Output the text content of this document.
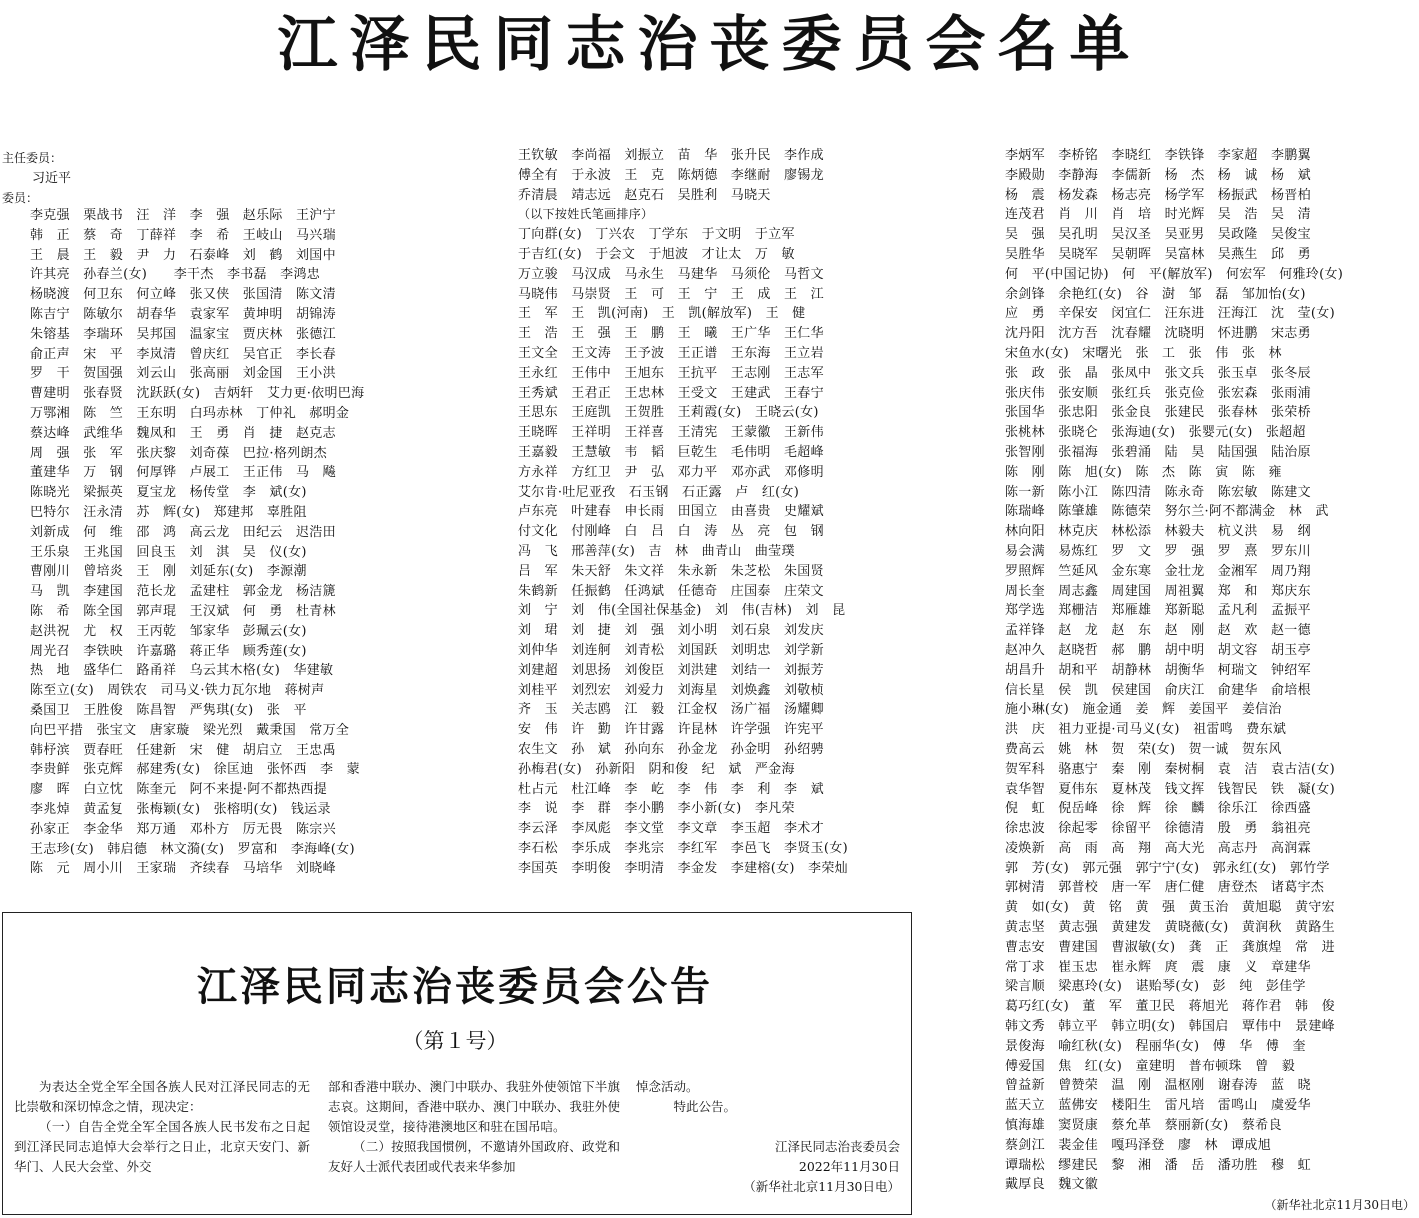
江泽民同志治丧委员会名单
主任委员：
习近平
委员：
李克强　栗战书　汪　洋　李　强　赵乐际　王沪宁
韩　正　蔡　奇　丁薛祥　李　希　王岐山　马兴瑞
王　晨　王　毅　尹　力　石泰峰　刘　鹤　刘国中
许其亮　孙春兰(女)　　李干杰　李书磊　李鸿忠
杨晓渡　何卫东　何立峰　张又侠　张国清　陈文清
陈吉宁　陈敏尔　胡春华　袁家军　黄坤明　胡锦涛
朱镕基　李瑞环　吴邦国　温家宝　贾庆林　张德江
俞正声　宋　平　李岚清　曾庆红　吴官正　李长春
罗　干　贺国强　刘云山　张高丽　刘金国　王小洪
曹建明　张春贤　沈跃跃(女)　吉炳轩　艾力更·依明巴海
万鄂湘　陈　竺　王东明　白玛赤林　丁仲礼　郝明金
蔡达峰　武维华　魏凤和　王　勇　肖　捷　赵克志
周　强　张　军　张庆黎　刘奇葆　巴拉·格列朗杰
董建华　万　钢　何厚铧　卢展工　王正伟　马　飚
陈晓光　梁振英　夏宝龙　杨传堂　李　斌(女)
巴特尔　汪永清　苏　辉(女)　郑建邦　辜胜阻
刘新成　何　维　邵　鸿　高云龙　田纪云　迟浩田
王乐泉　王兆国　回良玉　刘　淇　吴　仪(女)
曹刚川　曾培炎　王　刚　刘延东(女)　李源潮
马　凯　李建国　范长龙　孟建柱　郭金龙　杨洁篪
陈　希　陈全国　郭声琨　王汉斌　何　勇　杜青林
赵洪祝　尤　权　王丙乾　邹家华　彭珮云(女)
周光召　李铁映　许嘉璐　蒋正华　顾秀莲(女)
热　地　盛华仁　路甬祥　乌云其木格(女)　华建敏
陈至立(女)　周铁农　司马义·铁力瓦尔地　蒋树声
桑国卫　王胜俊　陈昌智　严隽琪(女)　张　平
向巴平措　张宝文　唐家璇　梁光烈　戴秉国　常万全
韩杼滨　贾春旺　任建新　宋　健　胡启立　王忠禹
李贵鲜　张克辉　郝建秀(女)　徐匡迪　张怀西　李　蒙
廖　晖　白立忱　陈奎元　阿不来提·阿不都热西提
李兆焯　黄孟复　张梅颖(女)　张榕明(女)　钱运录
孙家正　李金华　郑万通　邓朴方　厉无畏　陈宗兴
王志珍(女)　韩启德　林文漪(女)　罗富和　李海峰(女)
陈　元　周小川　王家瑞　齐续春　马培华　刘晓峰
王钦敏　李尚福　刘振立　苗　华　张升民　李作成
傅全有　于永波　王　克　陈炳德　李继耐　廖锡龙
乔清晨　靖志远　赵克石　吴胜利　马晓天
（以下按姓氏笔画排序）
丁向群(女)　丁兴农　丁学东　于文明　于立军
于吉红(女)　于会文　于旭波　才让太　万　敏
万立骏　马汉成　马永生　马建华　马须伦　马哲文
马晓伟　马崇贤　王　可　王　宁　王　成　王　江
王　军　王　凯(河南)　王　凯(解放军)　王　健
王　浩　王　强　王　鹏　王　曦　王广华　王仁华
王文全　王文涛　王予波　王正谱　王东海　王立岩
王永红　王伟中　王旭东　王抗平　王志刚　王志军
王秀斌　王君正　王忠林　王受文　王建武　王春宁
王思东　王庭凯　王贺胜　王莉霞(女)　王晓云(女)
王晓晖　王祥明　王祥喜　王清宪　王蒙徽　王新伟
王嘉毅　王慧敏　韦　韬　巨乾生　毛伟明　毛超峰
方永祥　方红卫　尹　弘　邓力平　邓亦武　邓修明
艾尔肯·吐尼亚孜　石玉钢　石正露　卢　红(女)
卢东亮　叶建春　申长雨　田国立　由喜贵　史耀斌
付文化　付刚峰　白　吕　白　涛　丛　亮　包　钢
冯　飞　邢善萍(女)　吉　林　曲青山　曲莹璞
吕　军　朱天舒　朱文祥　朱永新　朱芝松　朱国贤
朱鹤新　任振鹤　任鸿斌　任德奇　庄国泰　庄荣文
刘　宁　刘　伟(全国社保基金)　刘　伟(吉林)　刘　昆
刘　珺　刘　捷　刘　强　刘小明　刘石泉　刘发庆
刘仲华　刘连舸　刘青松　刘国跃　刘明忠　刘学新
刘建超　刘思扬　刘俊臣　刘洪建　刘结一　刘振芳
刘桂平　刘烈宏　刘爱力　刘海星　刘焕鑫　刘敬桢
齐　玉　关志鸥　江　毅　江金权　汤广福　汤耀卿
安　伟　许　勤　许甘露　许昆林　许学强　许宪平
农生文　孙　斌　孙向东　孙金龙　孙金明　孙绍骋
孙梅君(女)　孙新阳　阴和俊　纪　斌　严金海
杜占元　杜江峰　李　屹　李　伟　李　利　李　斌
李　说　李　群　李小鹏　李小新(女)　李凡荣
李云泽　李凤彪　李文堂　李文章　李玉超　李术才
李石松　李乐成　李兆宗　李红军　李邑飞　李贤玉(女)
李国英　李明俊　李明清　李金发　李建榕(女)　李荣灿
李炳军　李桥铭　李晓红　李铁锋　李家超　李鹏翼
李殿勋　李静海　李儒新　杨　杰　杨　诚　杨　斌
杨　震　杨发森　杨志亮　杨学军　杨振武　杨晋柏
连茂君　肖　川　肖　培　时光辉　吴　浩　吴　清
吴　强　吴孔明　吴汉圣　吴亚男　吴政隆　吴俊宝
吴胜华　吴晓军　吴朝晖　吴富林　吴燕生　邱　勇
何　平(中国记协)　何　平(解放军)　何宏军　何雅玲(女)
余剑锋　余艳红(女)　谷　澍　邹　磊　邹加怡(女)
应　勇　辛保安　闵宜仁　汪东进　汪海江　沈　莹(女)
沈丹阳　沈方吾　沈春耀　沈晓明　怀进鹏　宋志勇
宋鱼水(女)　宋曙光　张　工　张　伟　张　林
张　政　张　晶　张凤中　张文兵　张玉卓　张冬辰
张庆伟　张安顺　张红兵　张克俭　张宏森　张雨浦
张国华　张忠阳　张金良　张建民　张春林　张荣桥
张桃林　张晓仑　张海迪(女)　张婴元(女)　张超超
张智刚　张福海　张碧涌　陆　昊　陆国强　陆治原
陈　刚　陈　旭(女)　陈　杰　陈　寅　陈　雍
陈一新　陈小江　陈四清　陈永奇　陈宏敏　陈建文
陈瑞峰　陈肇雄　陈德荣　努尔兰·阿不都满金　林　武
林向阳　林克庆　林松添　林毅夫　杭义洪　易　纲
易会满　易炼红　罗　文　罗　强　罗　熹　罗东川
罗照辉　竺延风　金东寒　金壮龙　金湘军　周乃翔
周长奎　周志鑫　周建国　周祖翼　郑　和　郑庆东
郑学选　郑栅洁　郑雁雄　郑新聪　孟凡利　孟振平
孟祥锋　赵　龙　赵　东　赵　刚　赵　欢　赵一德
赵冲久　赵晓哲　郝　鹏　胡中明　胡文容　胡玉亭
胡昌升　胡和平　胡静林　胡衡华　柯瑞文　钟绍军
信长星　侯　凯　侯建国　俞庆江　俞建华　俞培根
施小琳(女)　施金通　姜　辉　姜国平　姜信治
洪　庆　祖力亚提·司马义(女)　祖雷鸣　费东斌
费高云　姚　林　贺　荣(女)　贺一诚　贺东风
贺军科　骆惠宁　秦　刚　秦树桐　袁　洁　袁古洁(女)
袁华智　夏伟东　夏林茂　钱文挥　钱智民　铁　凝(女)
倪　虹　倪岳峰　徐　辉　徐　麟　徐乐江　徐西盛
徐忠波　徐起零　徐留平　徐德清　殷　勇　翁祖亮
凌焕新　高　雨　高　翔　高大光　高志丹　高润霖
郭　芳(女)　郭元强　郭宁宁(女)　郭永红(女)　郭竹学
郭树清　郭普校　唐一军　唐仁健　唐登杰　诸葛宇杰
黄　如(女)　黄　铭　黄　强　黄玉治　黄旭聪　黄守宏
黄志坚　黄志强　黄建发　黄晓薇(女)　黄润秋　黄路生
曹志安　曹建国　曹淑敏(女)　龚　正　龚旗煌　常　进
常丁求　崔玉忠　崔永辉　庹　震　康　义　章建华
梁言顺　梁惠玲(女)　谌贻琴(女)　彭　纯　彭佳学
葛巧红(女)　董　军　董卫民　蒋旭光　蒋作君　韩　俊
韩文秀　韩立平　韩立明(女)　韩国启　覃伟中　景建峰
景俊海　喻红秋(女)　程丽华(女)　傅　华　傅　奎
傅爱国　焦　红(女)　童建明　普布顿珠　曾　毅
曾益新　曾赞荣　温　刚　温枢刚　谢春涛　蓝　晓
蓝天立　蓝佛安　楼阳生　雷凡培　雷鸣山　虞爱华
慎海雄　窦贤康　蔡允革　蔡丽新(女)　蔡希良
蔡剑江　裴金佳　嘎玛泽登　廖　林　谭成旭
谭瑞松　缪建民　黎　湘　潘　岳　潘功胜　穆　虹
戴厚良　魏文徽
江泽民同志治丧委员会公告
（第１号）

为表达全党全军全国各族人民对江泽民同志的无比崇敬和深切悼念之情，现决定：

（一）自告全党全军全国各族人民书发布之日起到江泽民同志追悼大会举行之日止，北京天安门、新华门、人民大会堂、外交

部和香港中联办、澳门中联办、我驻外使领馆下半旗志哀。这期间，香港中联办、澳门中联办、我驻外使领馆设灵堂，接待港澳地区和驻在国吊唁。

（二）按照我国惯例，不邀请外国政府、政党和友好人士派代表团或代表来华参加

悼念活动。

特此公告。

江泽民同志治丧委员会

2022年11月30日

（新华社北京11月30日电）

（新华社北京11月30日电）
